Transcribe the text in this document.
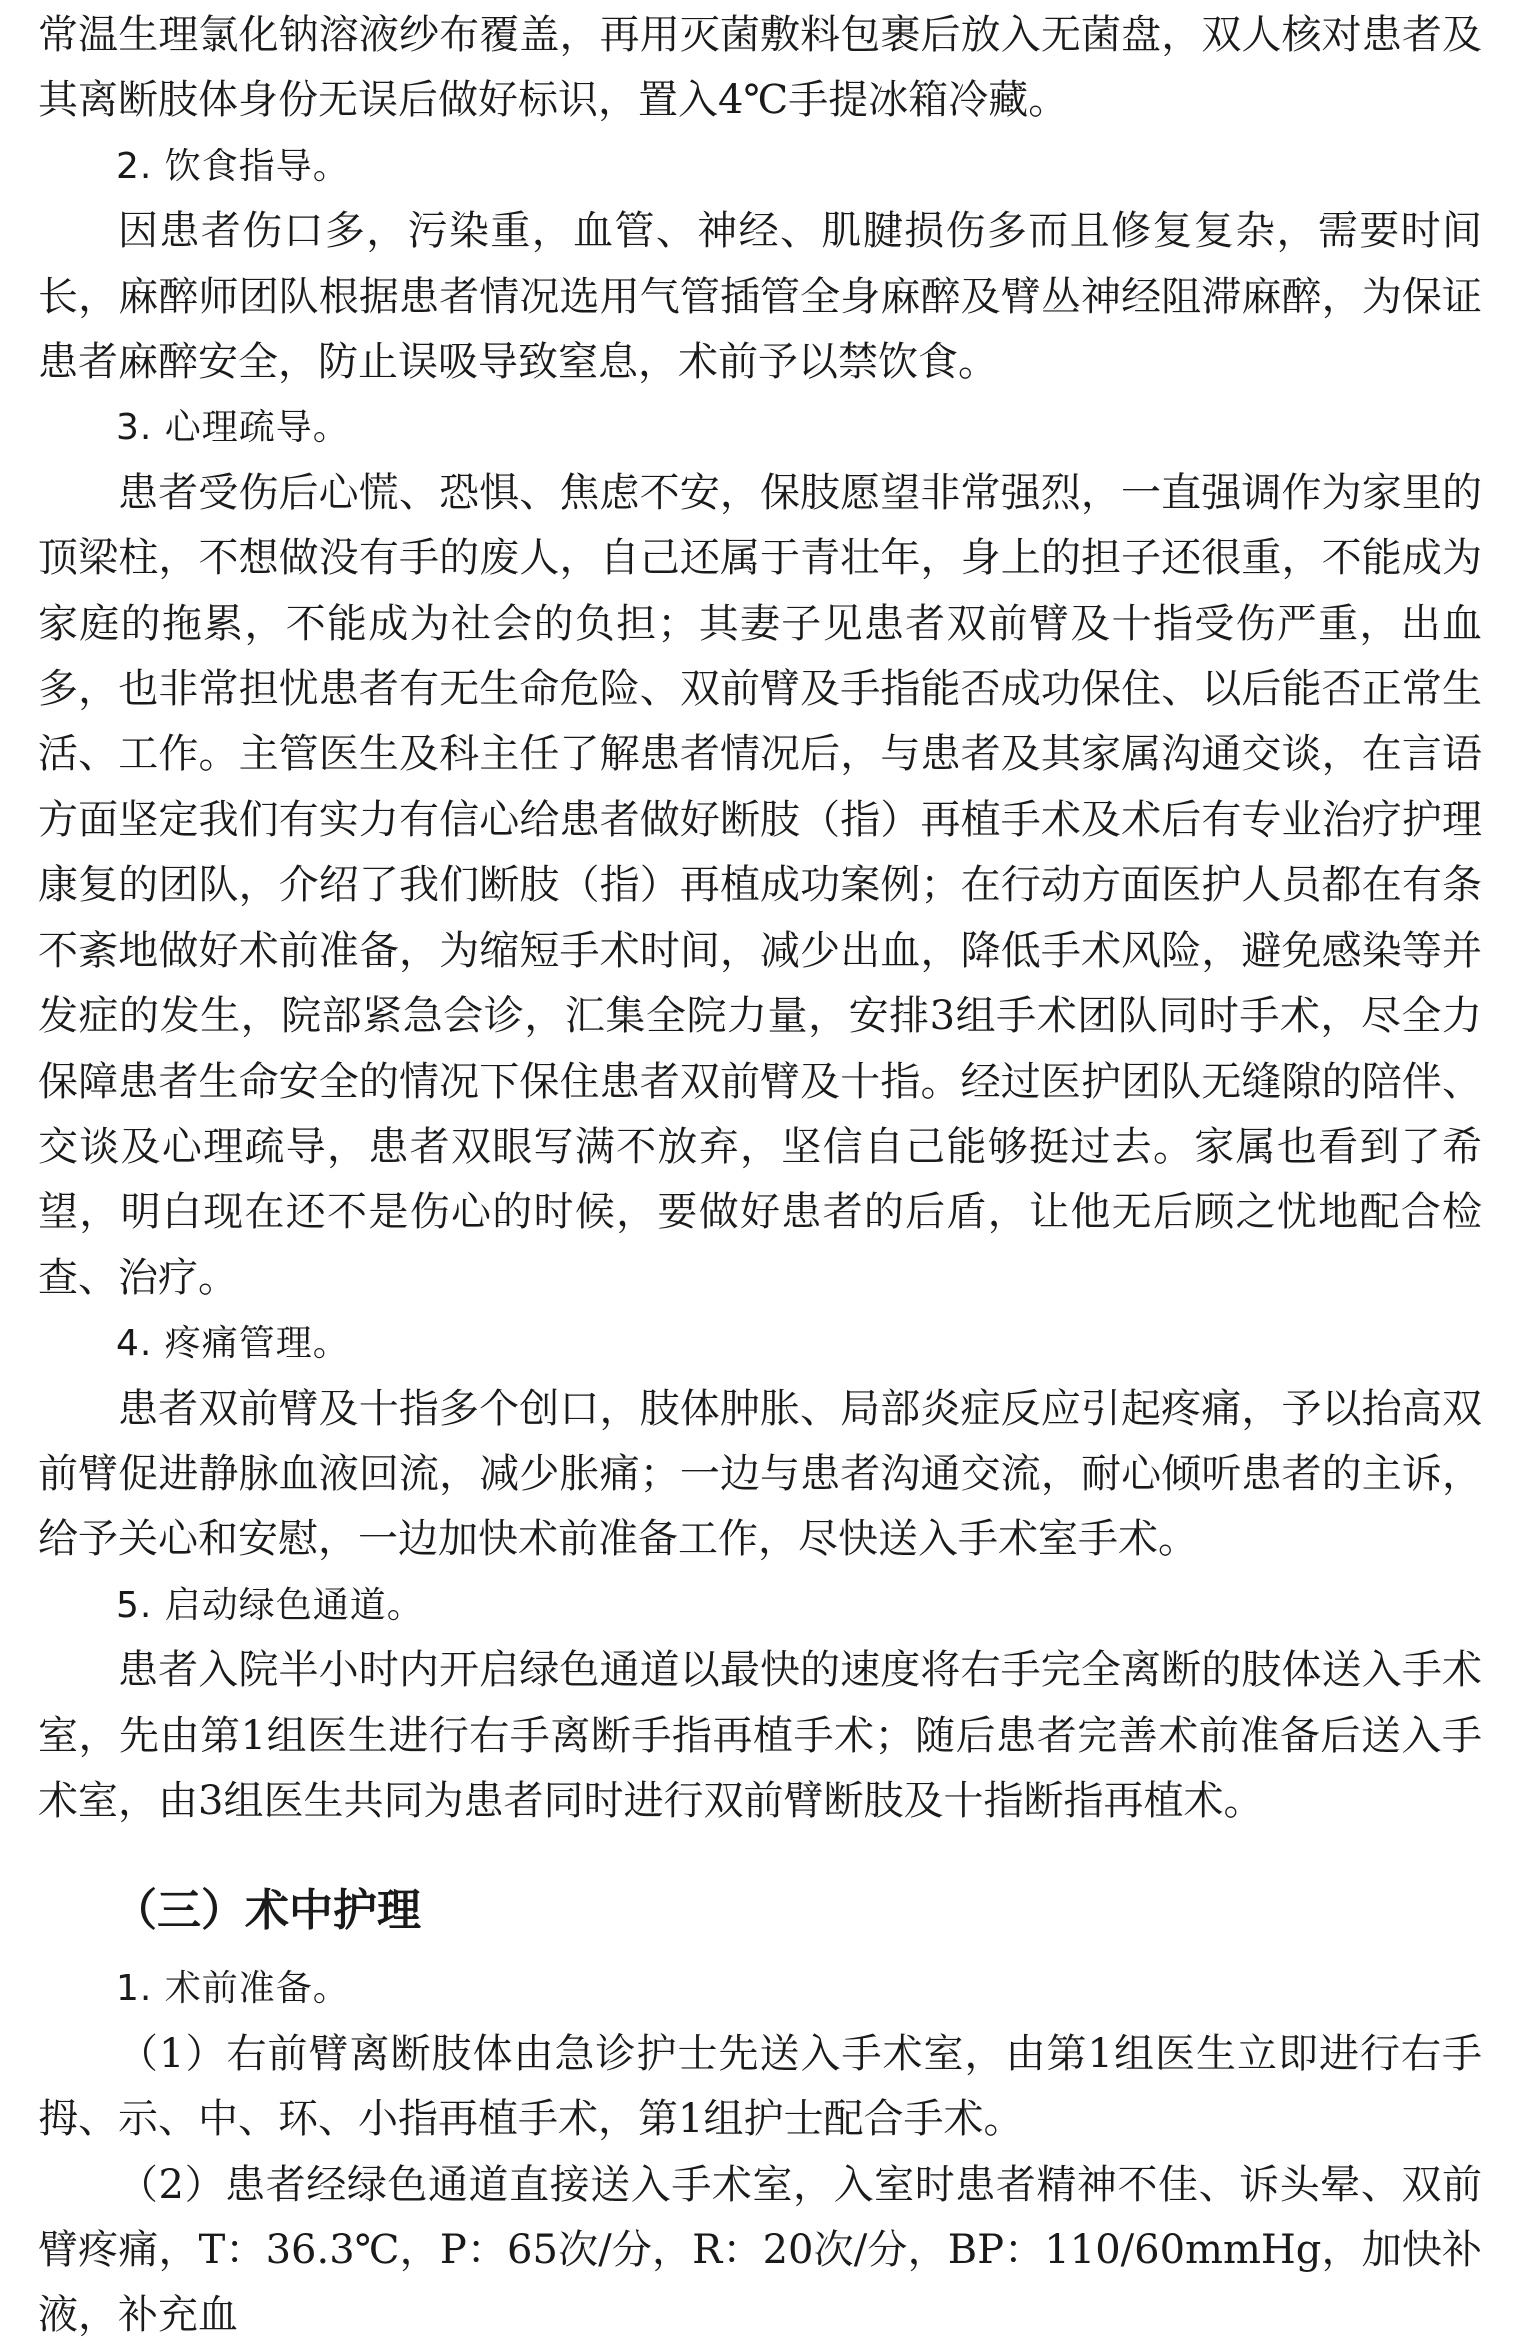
常温生理氯化钠溶液纱布覆盖，再用灭菌敷料包裹后放入无菌盘，双人核对患者及其离断肢体身份无误后做好标识，置入4℃手提冰箱冷藏。

2. 饮食指导。

因患者伤口多，污染重，血管、神经、肌腱损伤多而且修复复杂，需要时间长，麻醉师团队根据患者情况选用气管插管全身麻醉及臂丛神经阻滞麻醉，为保证患者麻醉安全，防止误吸导致窒息，术前予以禁饮食。

3. 心理疏导。

患者受伤后心慌、恐惧、焦虑不安，保肢愿望非常强烈，一直强调作为家里的顶梁柱，不想做没有手的废人，自己还属于青壮年，身上的担子还很重，不能成为家庭的拖累，不能成为社会的负担；其妻子见患者双前臂及十指受伤严重，出血多，也非常担忧患者有无生命危险、双前臂及手指能否成功保住、以后能否正常生活、工作。主管医生及科主任了解患者情况后，与患者及其家属沟通交谈，在言语方面坚定我们有实力有信心给患者做好断肢（指）再植手术及术后有专业治疗护理康复的团队，介绍了我们断肢（指）再植成功案例；在行动方面医护人员都在有条不紊地做好术前准备，为缩短手术时间，减少出血，降低手术风险，避免感染等并发症的发生，院部紧急会诊，汇集全院力量，安排3组手术团队同时手术，尽全力保障患者生命安全的情况下保住患者双前臂及十指。经过医护团队无缝隙的陪伴、交谈及心理疏导，患者双眼写满不放弃，坚信自己能够挺过去。家属也看到了希望，明白现在还不是伤心的时候，要做好患者的后盾，让他无后顾之忧地配合检查、治疗。

4. 疼痛管理。

患者双前臂及十指多个创口，肢体肿胀、局部炎症反应引起疼痛，予以抬高双前臂促进静脉血液回流，减少胀痛；一边与患者沟通交流，耐心倾听患者的主诉，给予关心和安慰，一边加快术前准备工作，尽快送入手术室手术。

5. 启动绿色通道。

患者入院半小时内开启绿色通道以最快的速度将右手完全离断的肢体送入手术室，先由第1组医生进行右手离断手指再植手术；随后患者完善术前准备后送入手术室，由3组医生共同为患者同时进行双前臂断肢及十指断指再植术。

（三）术中护理

1. 术前准备。

（1）右前臂离断肢体由急诊护士先送入手术室，由第1组医生立即进行右手拇、示、中、环、小指再植手术，第1组护士配合手术。

（2）患者经绿色通道直接送入手术室，入室时患者精神不佳、诉头晕、双前臂疼痛，T：36.3℃，P：65次/分，R：20次/分，BP：110/60mmHg，加快补液，补充血
